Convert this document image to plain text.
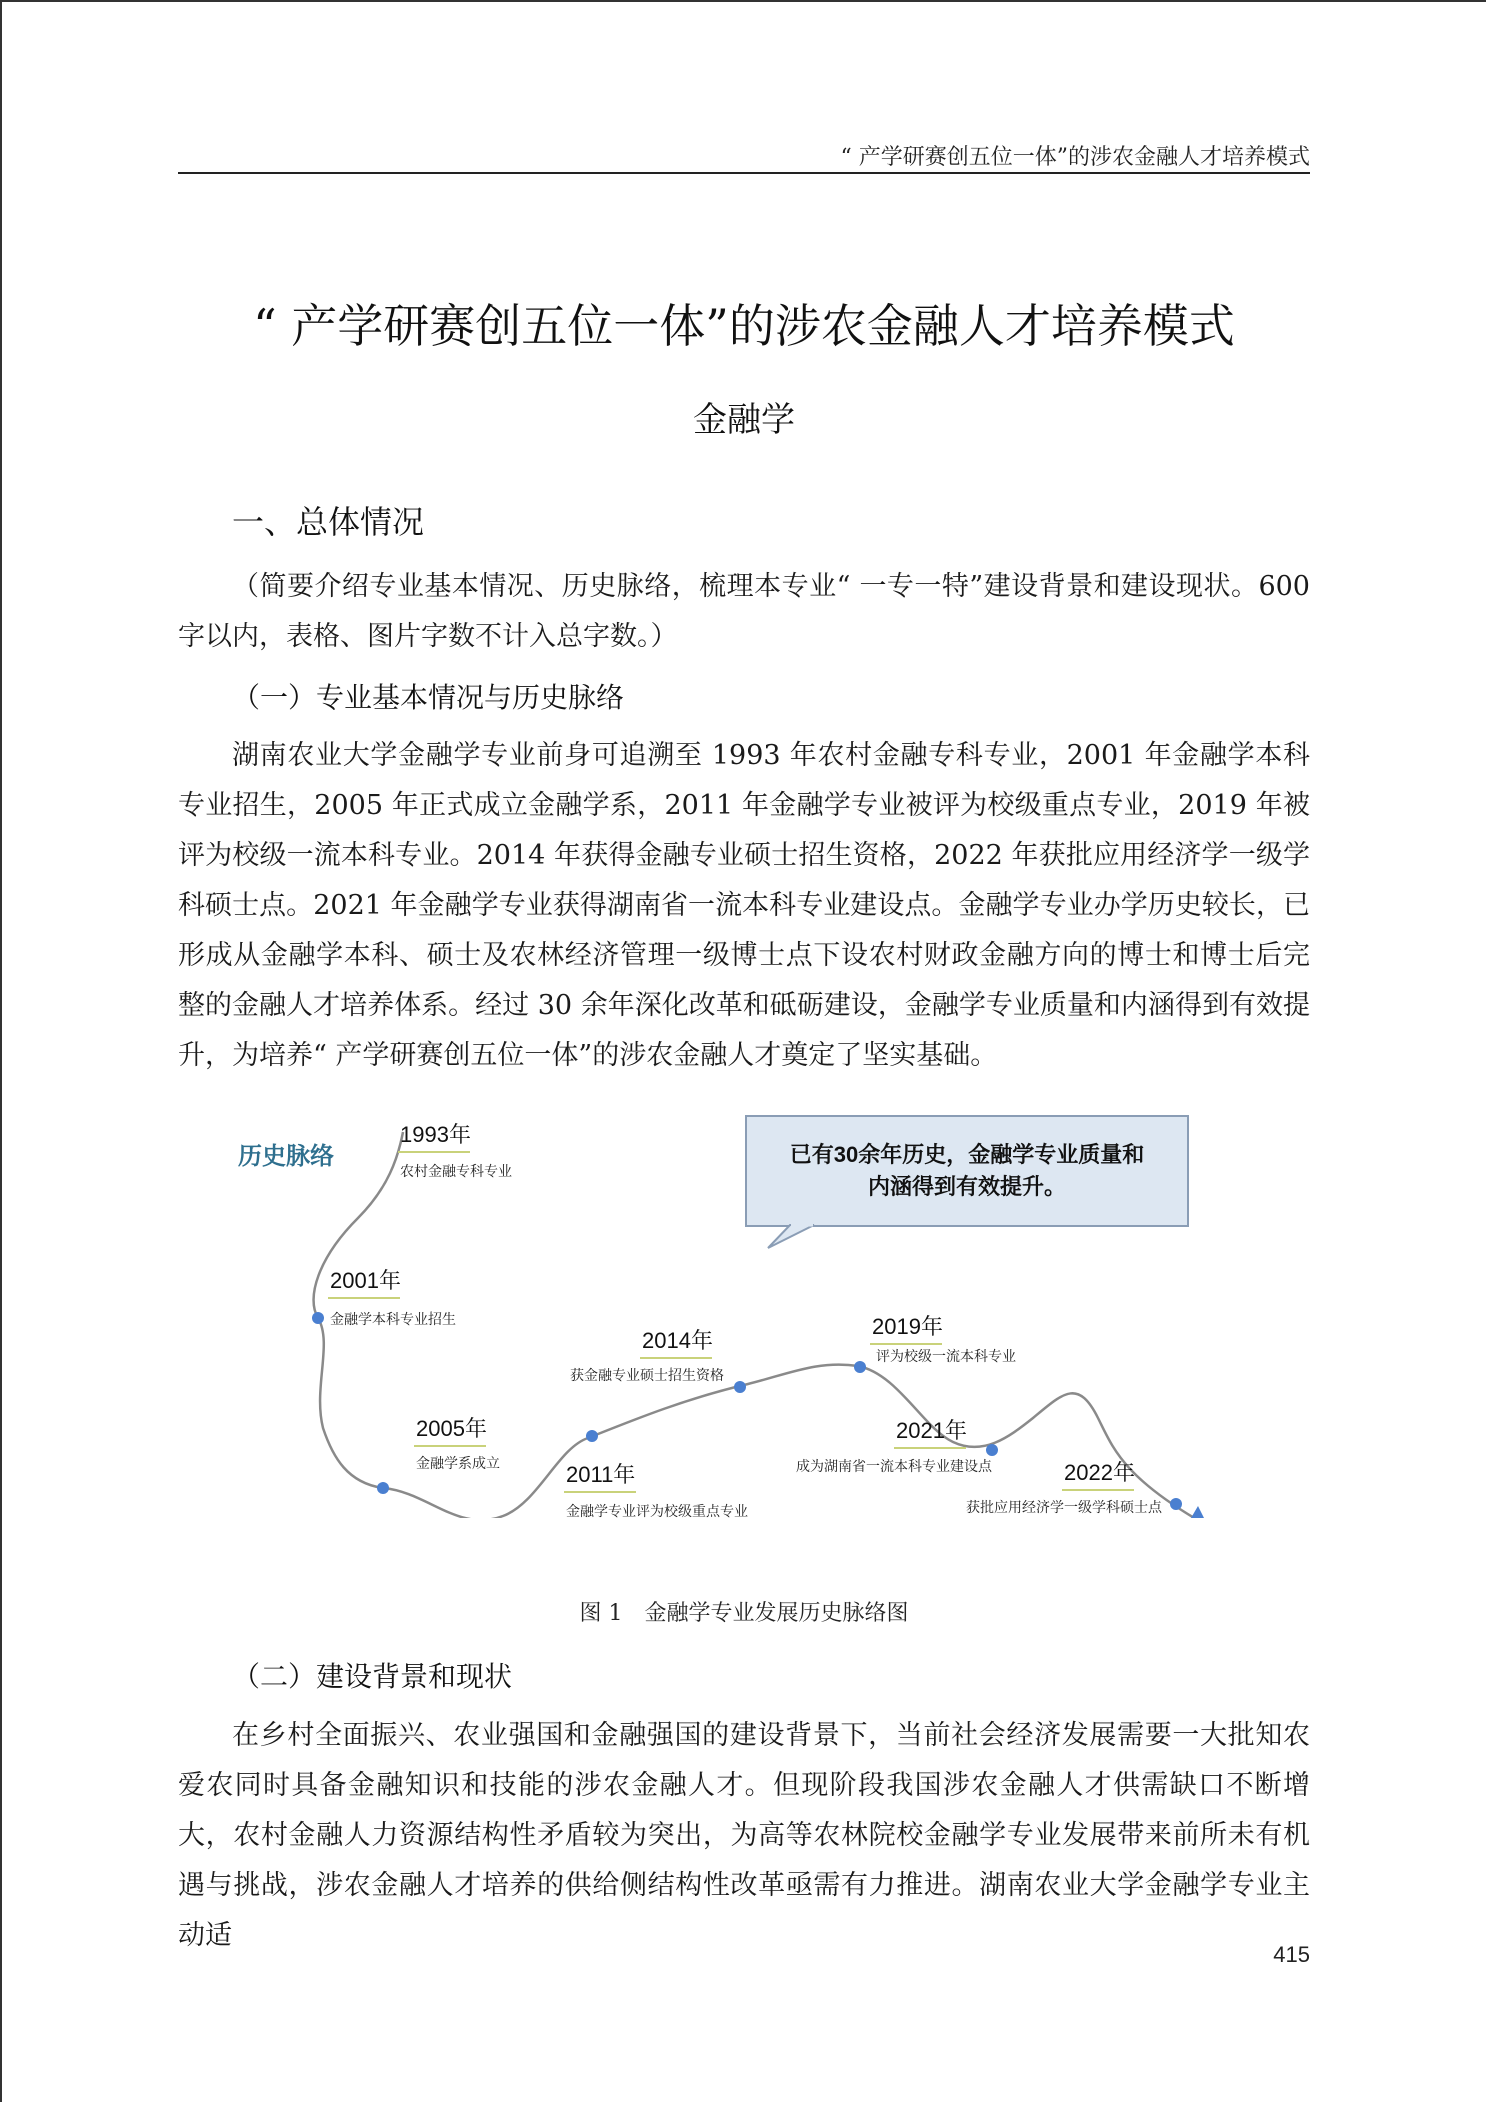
“ 产学研赛创五位一体”的涉农金融人才培养模式
“ 产学研赛创五位一体”的涉农金融人才培养模式
金融学
一、总体情况

（简要介绍专业基本情况、历史脉络，梳理本专业“ 一专一特”建设背景和建设现状。600字以内，表格、图片字数不计入总字数。）

（一）专业基本情况与历史脉络

湖南农业大学金融学专业前身可追溯至 1993 年农村金融专科专业，2001 年金融学本科专业招生，2005 年正式成立金融学系，2011 年金融学专业被评为校级重点专业，2019 年被评为校级一流本科专业。2014 年获得金融专业硕士招生资格，2022 年获批应用经济学一级学科硕士点。2021 年金融学专业获得湖南省一流本科专业建设点。金融学专业办学历史较长，已形成从金融学本科、硕士及农林经济管理一级博士点下设农村财政金融方向的博士和博士后完整的金融人才培养体系。经过 30 余年深化改革和砥砺建设，金融学专业质量和内涵得到有效提升，为培养“ 产学研赛创五位一体”的涉农金融人才奠定了坚实基础。

历史脉络
1993年
农村金融专科专业
2001年
金融学本科专业招生
2005年
金融学系成立	2011年
金融学专业评为校级重点专业
2014年
获金融专业硕士招生资格
2019年
评为校级一流本科专业
2021年
成为湖南省一流本科专业建设点	2022年
获批应用经济学一级学科硕士点
已有30余年历史，金融学专业质量和
内涵得到有效提升。
图 1　金融学专业发展历史脉络图
（二）建设背景和现状

在乡村全面振兴、农业强国和金融强国的建设背景下，当前社会经济发展需要一大批知农爱农同时具备金融知识和技能的涉农金融人才。但现阶段我国涉农金融人才供需缺口不断增大，农村金融人力资源结构性矛盾较为突出，为高等农林院校金融学专业发展带来前所未有机遇与挑战，涉农金融人才培养的供给侧结构性改革亟需有力推进。湖南农业大学金融学专业主动适

415
